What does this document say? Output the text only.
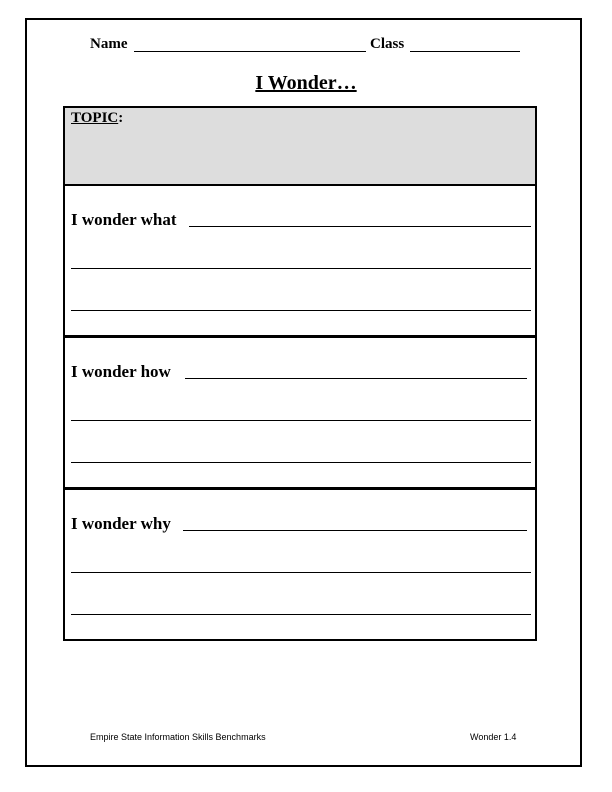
Name	Class
I Wonder…
TOPIC:
I wonder what
I wonder how
I wonder why
Empire State Information Skills Benchmarks	Wonder 1.4
